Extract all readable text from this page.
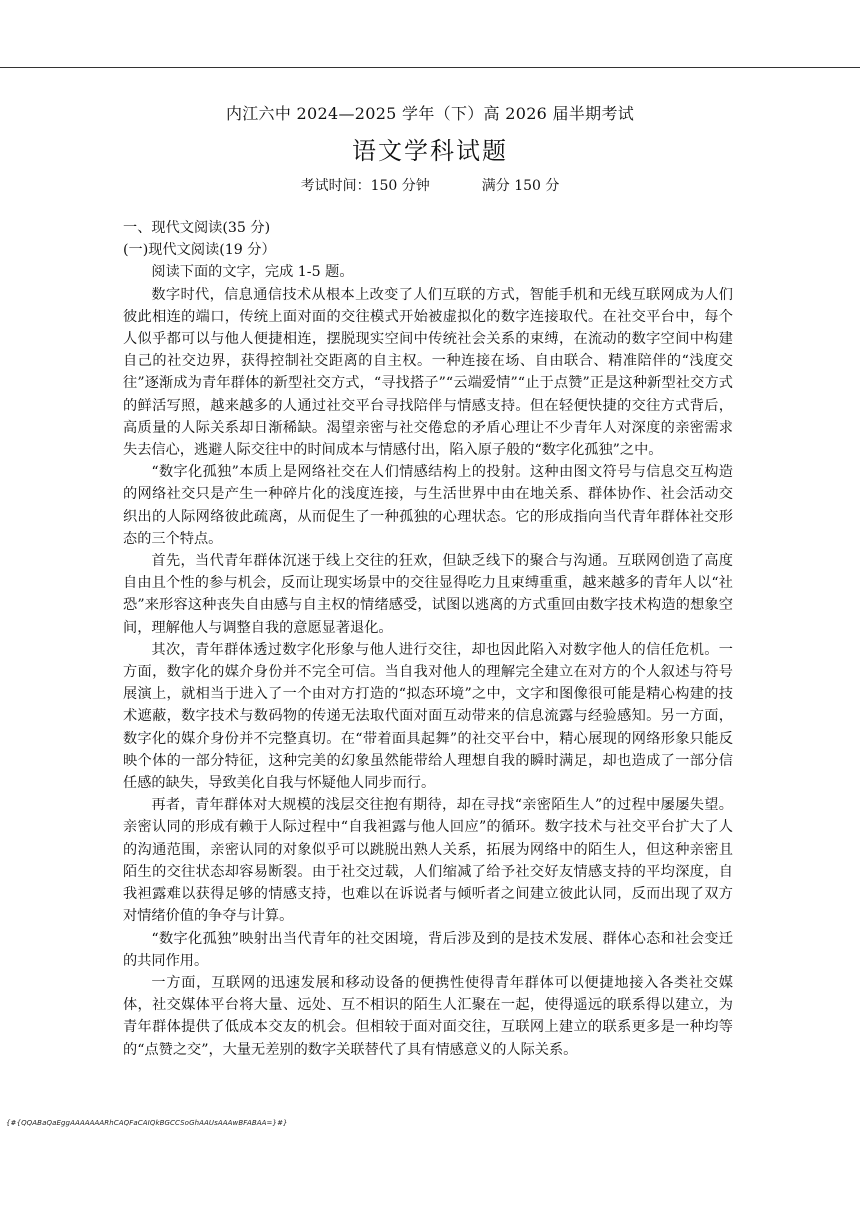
内江六中 2024—2025 学年（下）高 2026 届半期考试
语文学科试题
考试时间：150 分钟	满分 150 分

一、现代文阅读(35 分)

(一)现代文阅读(19 分）

阅读下面的文字，完成 1-5 题。

数字时代，信息通信技术从根本上改变了人们互联的方式，智能手机和无线互联网成为人们彼此相连的端口，传统上面对面的交往模式开始被虚拟化的数字连接取代。在社交平台中，每个人似乎都可以与他人便捷相连，摆脱现实空间中传统社会关系的束缚，在流动的数字空间中构建自己的社交边界，获得控制社交距离的自主权。一种连接在场、自由联合、精准陪伴的“浅度交往”逐渐成为青年群体的新型社交方式，“寻找搭子”“云端爱情”“止于点赞”正是这种新型社交方式的鲜活写照，越来越多的人通过社交平台寻找陪伴与情感支持。但在轻便快捷的交往方式背后，高质量的人际关系却日渐稀缺。渴望亲密与社交倦怠的矛盾心理让不少青年人对深度的亲密需求失去信心，逃避人际交往中的时间成本与情感付出，陷入原子般的“数字化孤独”之中。

“数字化孤独”本质上是网络社交在人们情感结构上的投射。这种由图文符号与信息交互构造的网络社交只是产生一种碎片化的浅度连接，与生活世界中由在地关系、群体协作、社会活动交织出的人际网络彼此疏离，从而促生了一种孤独的心理状态。它的形成指向当代青年群体社交形态的三个特点。

首先，当代青年群体沉迷于线上交往的狂欢，但缺乏线下的聚合与沟通。互联网创造了高度自由且个性的参与机会，反而让现实场景中的交往显得吃力且束缚重重，越来越多的青年人以“社恐”来形容这种丧失自由感与自主权的情绪感受，试图以逃离的方式重回由数字技术构造的想象空间，理解他人与调整自我的意愿显著退化。

其次，青年群体透过数字化形象与他人进行交往，却也因此陷入对数字他人的信任危机。一方面，数字化的媒介身份并不完全可信。当自我对他人的理解完全建立在对方的个人叙述与符号展演上，就相当于进入了一个由对方打造的“拟态环境”之中，文字和图像很可能是精心构建的技术遮蔽，数字技术与数码物的传递无法取代面对面互动带来的信息流露与经验感知。另一方面，数字化的媒介身份并不完整真切。在“带着面具起舞”的社交平台中，精心展现的网络形象只能反映个体的一部分特征，这种完美的幻象虽然能带给人理想自我的瞬时满足，却也造成了一部分信任感的缺失，导致美化自我与怀疑他人同步而行。

再者，青年群体对大规模的浅层交往抱有期待，却在寻找“亲密陌生人”的过程中屡屡失望。亲密认同的形成有赖于人际过程中“自我袒露与他人回应”的循环。数字技术与社交平台扩大了人的沟通范围，亲密认同的对象似乎可以跳脱出熟人关系，拓展为网络中的陌生人，但这种亲密且陌生的交往状态却容易断裂。由于社交过载，人们缩减了给予社交好友情感支持的平均深度，自我袒露难以获得足够的情感支持，也难以在诉说者与倾听者之间建立彼此认同，反而出现了双方对情绪价值的争夺与计算。

“数字化孤独”映射出当代青年的社交困境，背后涉及到的是技术发展、群体心态和社会变迁的共同作用。

一方面，互联网的迅速发展和移动设备的便携性使得青年群体可以便捷地接入各类社交媒体，社交媒体平台将大量、远处、互不相识的陌生人汇聚在一起，使得遥远的联系得以建立，为青年群体提供了低成本交友的机会。但相较于面对面交往，互联网上建立的联系更多是一种均等的“点赞之交”，大量无差别的数字关联替代了具有情感意义的人际关系。

{#{QQABaQaEggAAAAAAARhCAQFaCAIQkBGCCSoGhAAUsAAAwBFABAA=}#}
